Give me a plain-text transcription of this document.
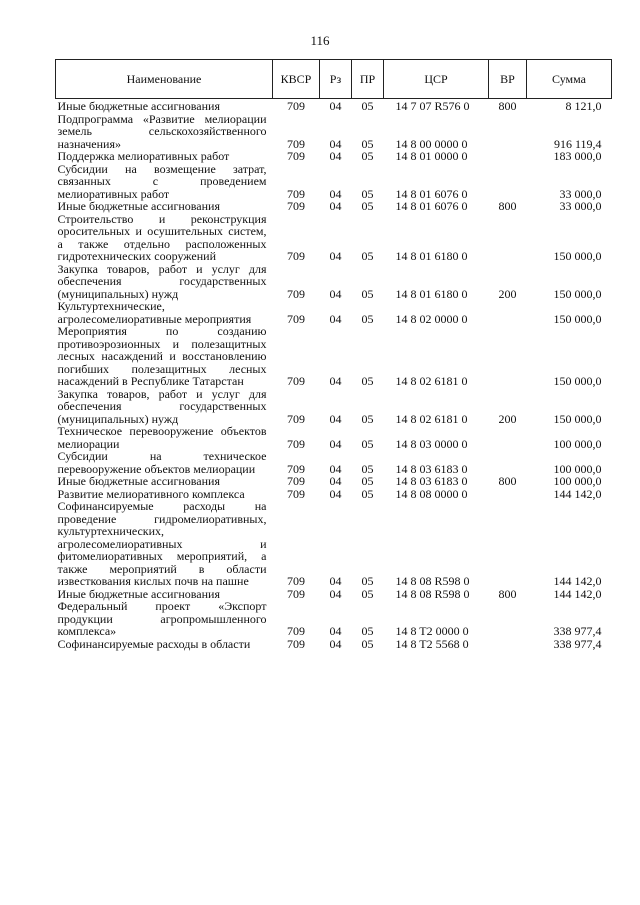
116
Наименование	КВСР	Рз	ПР	ЦСР	ВР	Сумма
Иные бюджетные ассигнования	709	04	05	14 7 07 R576 0	800	8 121,0
Подпрограмма «Развитие мелиорации земель сельскохозяйственного назначения»	709	04	05	14 8 00 0000 0		916 119,4
Поддержка мелиоративных работ	709	04	05	14 8 01 0000 0		183 000,0
Субсидии на возмещение затрат, связанных с проведением мелиоративных работ	709	04	05	14 8 01 6076 0		33 000,0
Иные бюджетные ассигнования	709	04	05	14 8 01 6076 0	800	33 000,0
Строительство и реконструкция оросительных и осушительных систем, а также отдельно расположенных гидротехнических сооружений	709	04	05	14 8 01 6180 0		150 000,0
Закупка товаров, работ и услуг для обеспечения государственных (муниципальных) нужд	709	04	05	14 8 01 6180 0	200	150 000,0
Культуртехнические, агролесомелиоративные мероприятия	709	04	05	14 8 02 0000 0		150 000,0
Мероприятия по созданию противоэрозионных и полезащитных лесных насаждений и восстановлению погибших полезащитных лесных насаждений в Республике Татарстан	709	04	05	14 8 02 6181 0		150 000,0
Закупка товаров, работ и услуг для обеспечения государственных (муниципальных) нужд	709	04	05	14 8 02 6181 0	200	150 000,0
Техническое перевооружение объектов мелиорации	709	04	05	14 8 03 0000 0		100 000,0
Субсидии на техническое перевооружение объектов мелиорации	709	04	05	14 8 03 6183 0		100 000,0
Иные бюджетные ассигнования	709	04	05	14 8 03 6183 0	800	100 000,0
Развитие мелиоративного комплекса	709	04	05	14 8 08 0000 0		144 142,0
Софинансируемые расходы на проведение гидромелиоративных, культуртехнических, агролесомелиоративных и фитомелиоративных мероприятий, а также мероприятий в области известкования кислых почв на пашне	709	04	05	14 8 08 R598 0		144 142,0
Иные бюджетные ассигнования	709	04	05	14 8 08 R598 0	800	144 142,0
Федеральный проект «Экспорт продукции агропромышленного комплекса»	709	04	05	14 8 T2 0000 0		338 977,4
Софинансируемые расходы в области	709	04	05	14 8 T2 5568 0		338 977,4
